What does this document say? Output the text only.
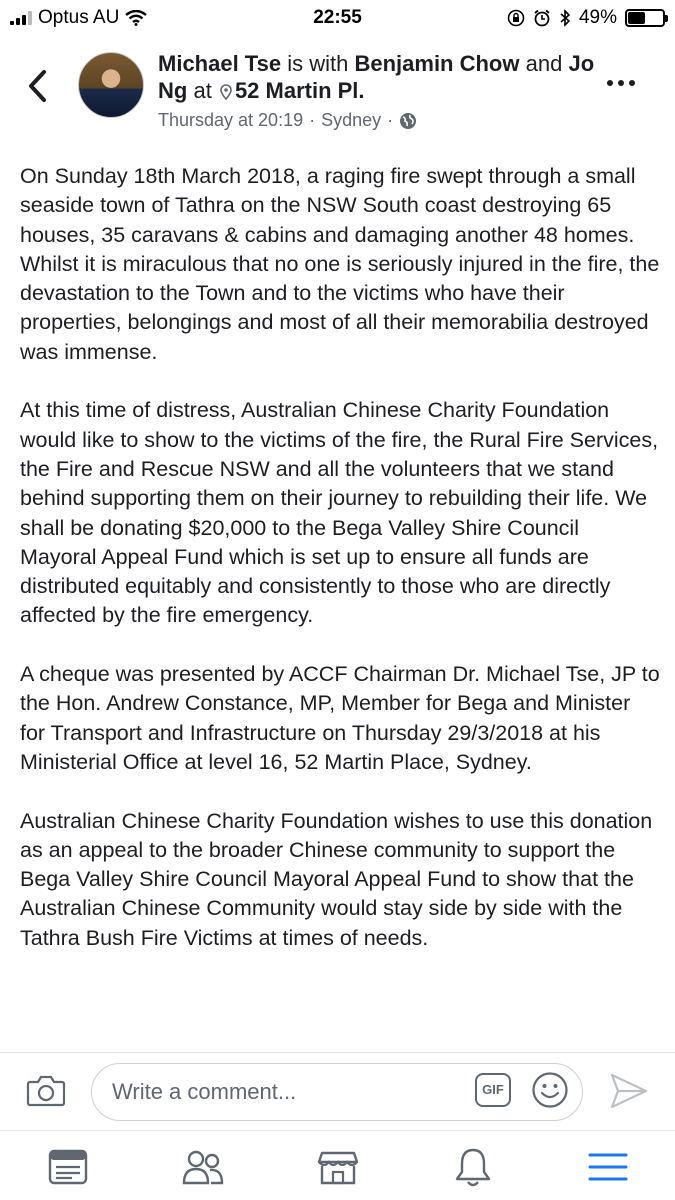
Optus AU	22:55	49%
Michael Tse is with Benjamin Chow and Jo Ng at 52 Martin Pl.
Thursday at 20:19 · Sydney ·

On Sunday 18th March 2018, a raging fire swept through a small seaside town of Tathra on the NSW South coast destroying 65 houses, 35 caravans & cabins and damaging another 48 homes. Whilst it is miraculous that no one is seriously injured in the fire, the devastation to the Town and to the victims who have their properties, belongings and most of all their memorabilia destroyed was immense.

At this time of distress, Australian Chinese Charity Foundation would like to show to the victims of the fire, the Rural Fire Services, the Fire and Rescue NSW and all the volunteers that we stand behind supporting them on their journey to rebuilding their life. We shall be donating $20,000 to the Bega Valley Shire Council Mayoral Appeal Fund which is set up to ensure all funds are distributed equitably and consistently to those who are directly affected by the fire emergency.

A cheque was presented by ACCF Chairman Dr. Michael Tse, JP to the Hon. Andrew Constance, MP, Member for Bega and Minister for Transport and Infrastructure on Thursday 29/3/2018 at his Ministerial Office at level 16, 52 Martin Place, Sydney.

Australian Chinese Charity Foundation wishes to use this donation as an appeal to the broader Chinese community to support the Bega Valley Shire Council Mayoral Appeal Fund to show that the Australian Chinese Community would stay side by side with the Tathra Bush Fire Victims at times of needs.

Write a comment...	GIF
